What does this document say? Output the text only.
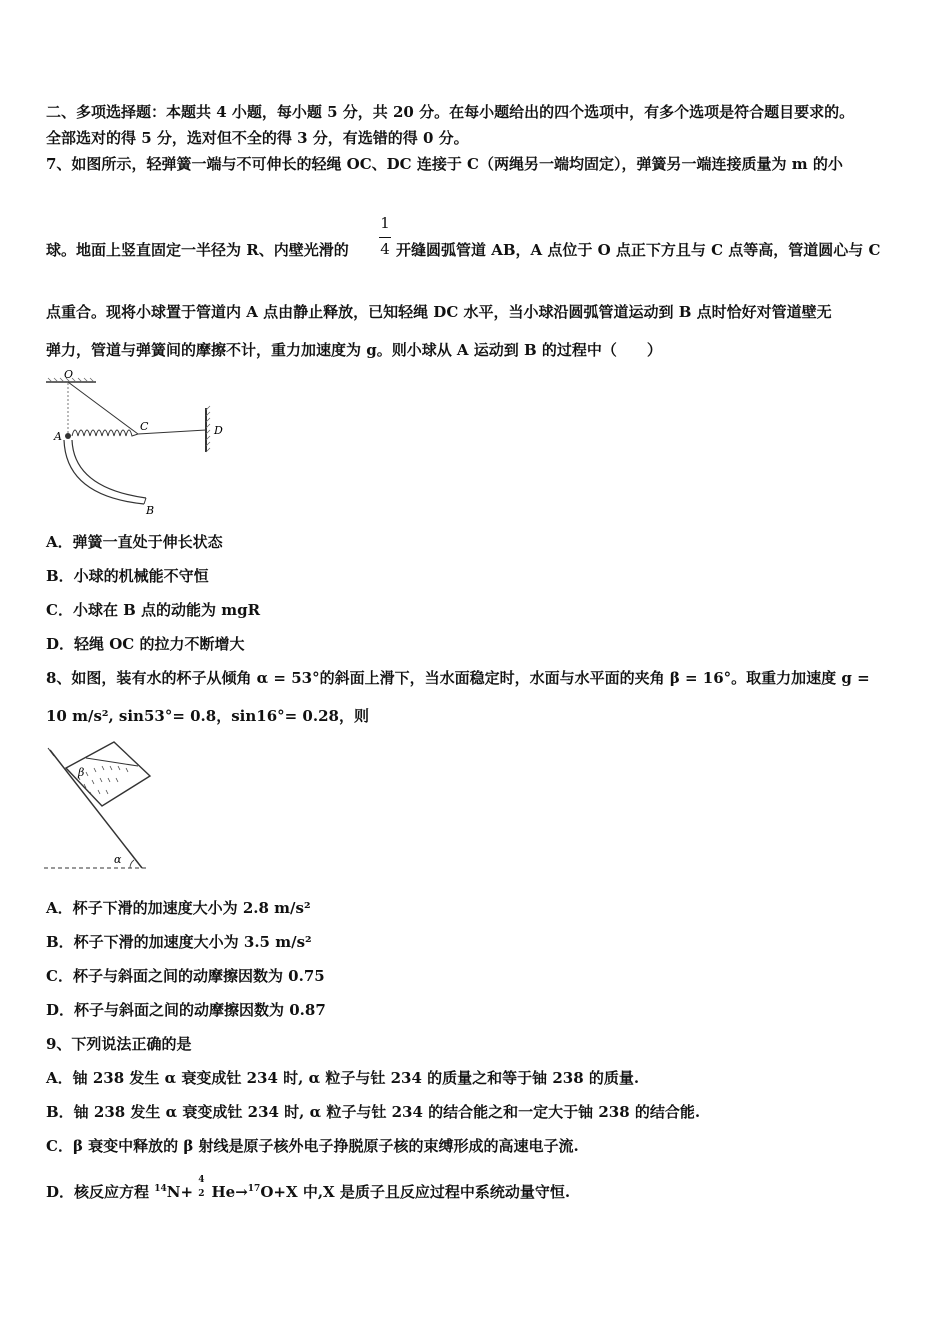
二、多项选择题：本题共 4 小题，每小题 5 分，共 20 分。在每小题给出的四个选项中，有多个选项是符合题目要求的。
全部选对的得 5 分，选对但不全的得 3 分，有选错的得 0 分。
7、如图所示，轻弹簧一端与不可伸长的轻绳 OC、DC 连接于 C（两绳另一端均固定），弹簧另一端连接质量为 m 的小
1
4
球。地面上竖直固定一半径为 R、内壁光滑的	开缝圆弧管道 AB，A 点位于 O 点正下方且与 C 点等高，管道圆心与 C
点重合。现将小球置于管道内 A 点由静止释放，已知轻绳 DC 水平，当小球沿圆弧管道运动到 B 点时恰好对管道壁无
弹力，管道与弹簧间的摩擦不计，重力加速度为 g。则小球从 A 运动到 B 的过程中（　　）
O
D
C
A
B
A．弹簧一直处于伸长状态
B．小球的机械能不守恒
C．小球在 B 点的动能为 mgR
D．轻绳 OC 的拉力不断增大
8、如图，装有水的杯子从倾角 α = 53°的斜面上滑下，当水面稳定时，水面与水平面的夹角 β = 16°。取重力加速度 g =
10 m/s², sin53°= 0.8，sin16°= 0.28，则
β
α
A．杯子下滑的加速度大小为 2.8 m/s²
B．杯子下滑的加速度大小为 3.5 m/s²
C．杯子与斜面之间的动摩擦因数为 0.75
D．杯子与斜面之间的动摩擦因数为 0.87
9、下列说法正确的是
A．铀 238 发生 α 衰变成钍 234 时, α 粒子与钍 234 的质量之和等于铀 238 的质量.
B．铀 238 发生 α 衰变成钍 234 时, α 粒子与钍 234 的结合能之和一定大于铀 238 的结合能.
C．β 衰变中释放的 β 射线是原子核外电子挣脱原子核的束缚形成的高速电子流.
D．核反应方程 $^{14}$N+
4
2 He→$^{17}$O+X 中,X 是质子且反应过程中系统动量守恒.
